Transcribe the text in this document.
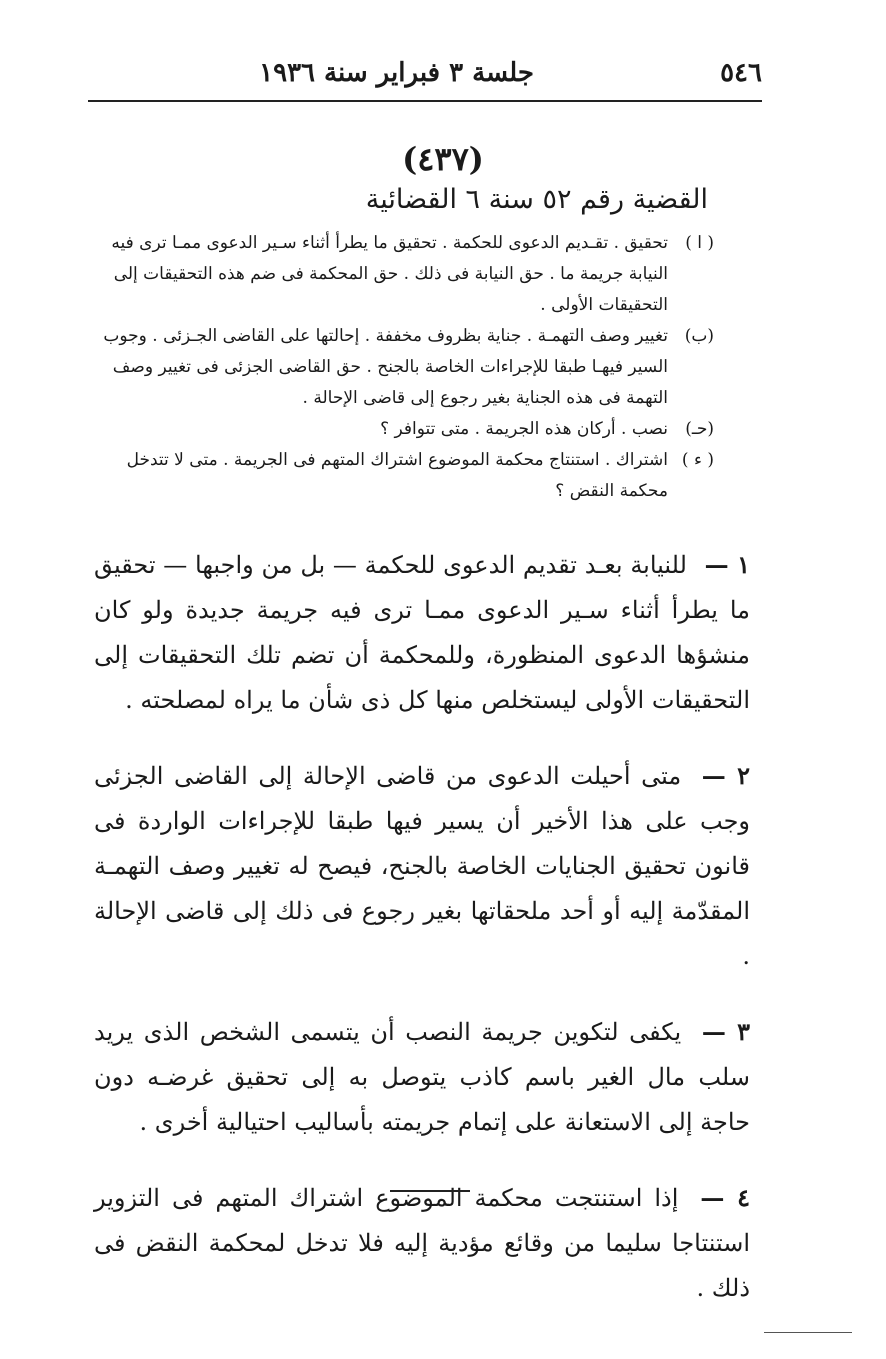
٥٤٦
جلسة ٣ فبراير سنة ١٩٣٦
(٤٣٧)
القضية رقم ٥٢ سنة ٦ القضائية
( ا )
تحقيق . تقـديم الدعوى للحكمة . تحقيق ما يطرأ أثناء سـير الدعوى ممـا ترى فيه النيابة جريمة ما . حق النيابة فى ذلك . حق المحكمة فى ضم هذه التحقيقات إلى التحقيقات الأولى .
(ب)
تغيير وصف التهمـة . جناية بظروف مخففة . إحالتها على القاضى الجـزئى . وجوب السير فيهـا طبقا للإجراءات الخاصة بالجنح . حق القاضى الجزئى فى تغيير وصف التهمة فى هذه الجناية بغير رجوع إلى قاضى الإحالة .
(حـ)
نصب . أركان هذه الجريمة . متى تتوافر ؟
( ء )
اشتراك . استنتاج محكمة الموضوع اشتراك المتهم فى الجريمة . متى لا تتدخل محكمة النقض ؟

١ — للنيابة بعـد تقديم الدعوى للحكمة — بل من واجبها — تحقيق ما يطرأ أثناء سـير الدعوى ممـا ترى فيه جريمة جديدة ولو كان منشؤها الدعوى المنظورة، وللمحكمة أن تضم تلك التحقيقات إلى التحقيقات الأولى ليستخلص منها كل ذى شأن ما يراه لمصلحته .

٢ — متى أحيلت الدعوى من قاضى الإحالة إلى القاضى الجزئى وجب على هذا الأخير أن يسير فيها طبقا للإجراءات الواردة فى قانون تحقيق الجنايات الخاصة بالجنح، فيصح له تغيير وصف التهمـة المقدّمة إليه أو أحد ملحقاتها بغير رجوع فى ذلك إلى قاضى الإحالة .

٣ — يكفى لتكوين جريمة النصب أن يتسمى الشخص الذى يريد سلب مال الغير باسم كاذب يتوصل به إلى تحقيق غرضـه دون حاجة إلى الاستعانة على إتمام جريمته بأساليب احتيالية أخرى .

٤ — إذا استنتجت محكمة الموضوع اشتراك المتهم فى التزوير استنتاجا سليما من وقائع مؤدية إليه فلا تدخل لمحكمة النقض فى ذلك .
